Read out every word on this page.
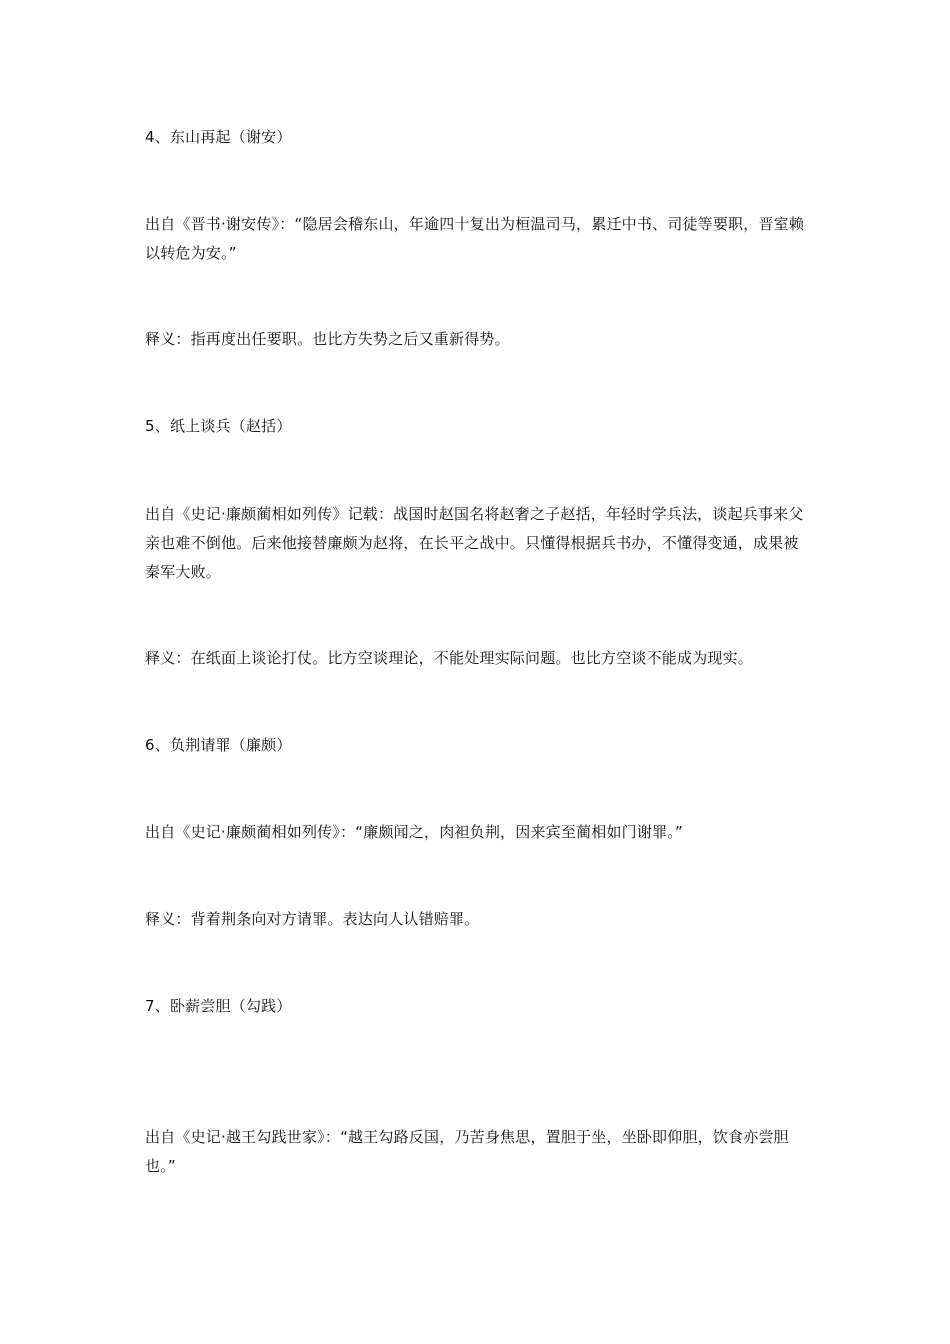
4、东山再起（谢安）

出自《晋书·谢安传》：“隐居会稽东山，年逾四十复出为桓温司马，累迁中书、司徒等要职，晋室赖以转危为安。”

释义：指再度出任要职。也比方失势之后又重新得势。

5、纸上谈兵（赵括）

出自《史记·廉颇蔺相如列传》记载：战国时赵国名将赵奢之子赵括，年轻时学兵法，谈起兵事来父亲也难不倒他。后来他接替廉颇为赵将，在长平之战中。只懂得根据兵书办，不懂得变通，成果被秦军大败。

释义：在纸面上谈论打仗。比方空谈理论，不能处理实际问题。也比方空谈不能成为现实。

6、负荆请罪（廉颇）

出自《史记·廉颇蔺相如列传》：“廉颇闻之，肉袒负荆，因来宾至蔺相如门谢罪。”

释义：背着荆条向对方请罪。表达向人认错赔罪。

7、卧薪尝胆（勾践）

出自《史记·越王勾践世家》：“越王勾路反国，乃苦身焦思，置胆于坐，坐卧即仰胆，饮食亦尝胆也。”
